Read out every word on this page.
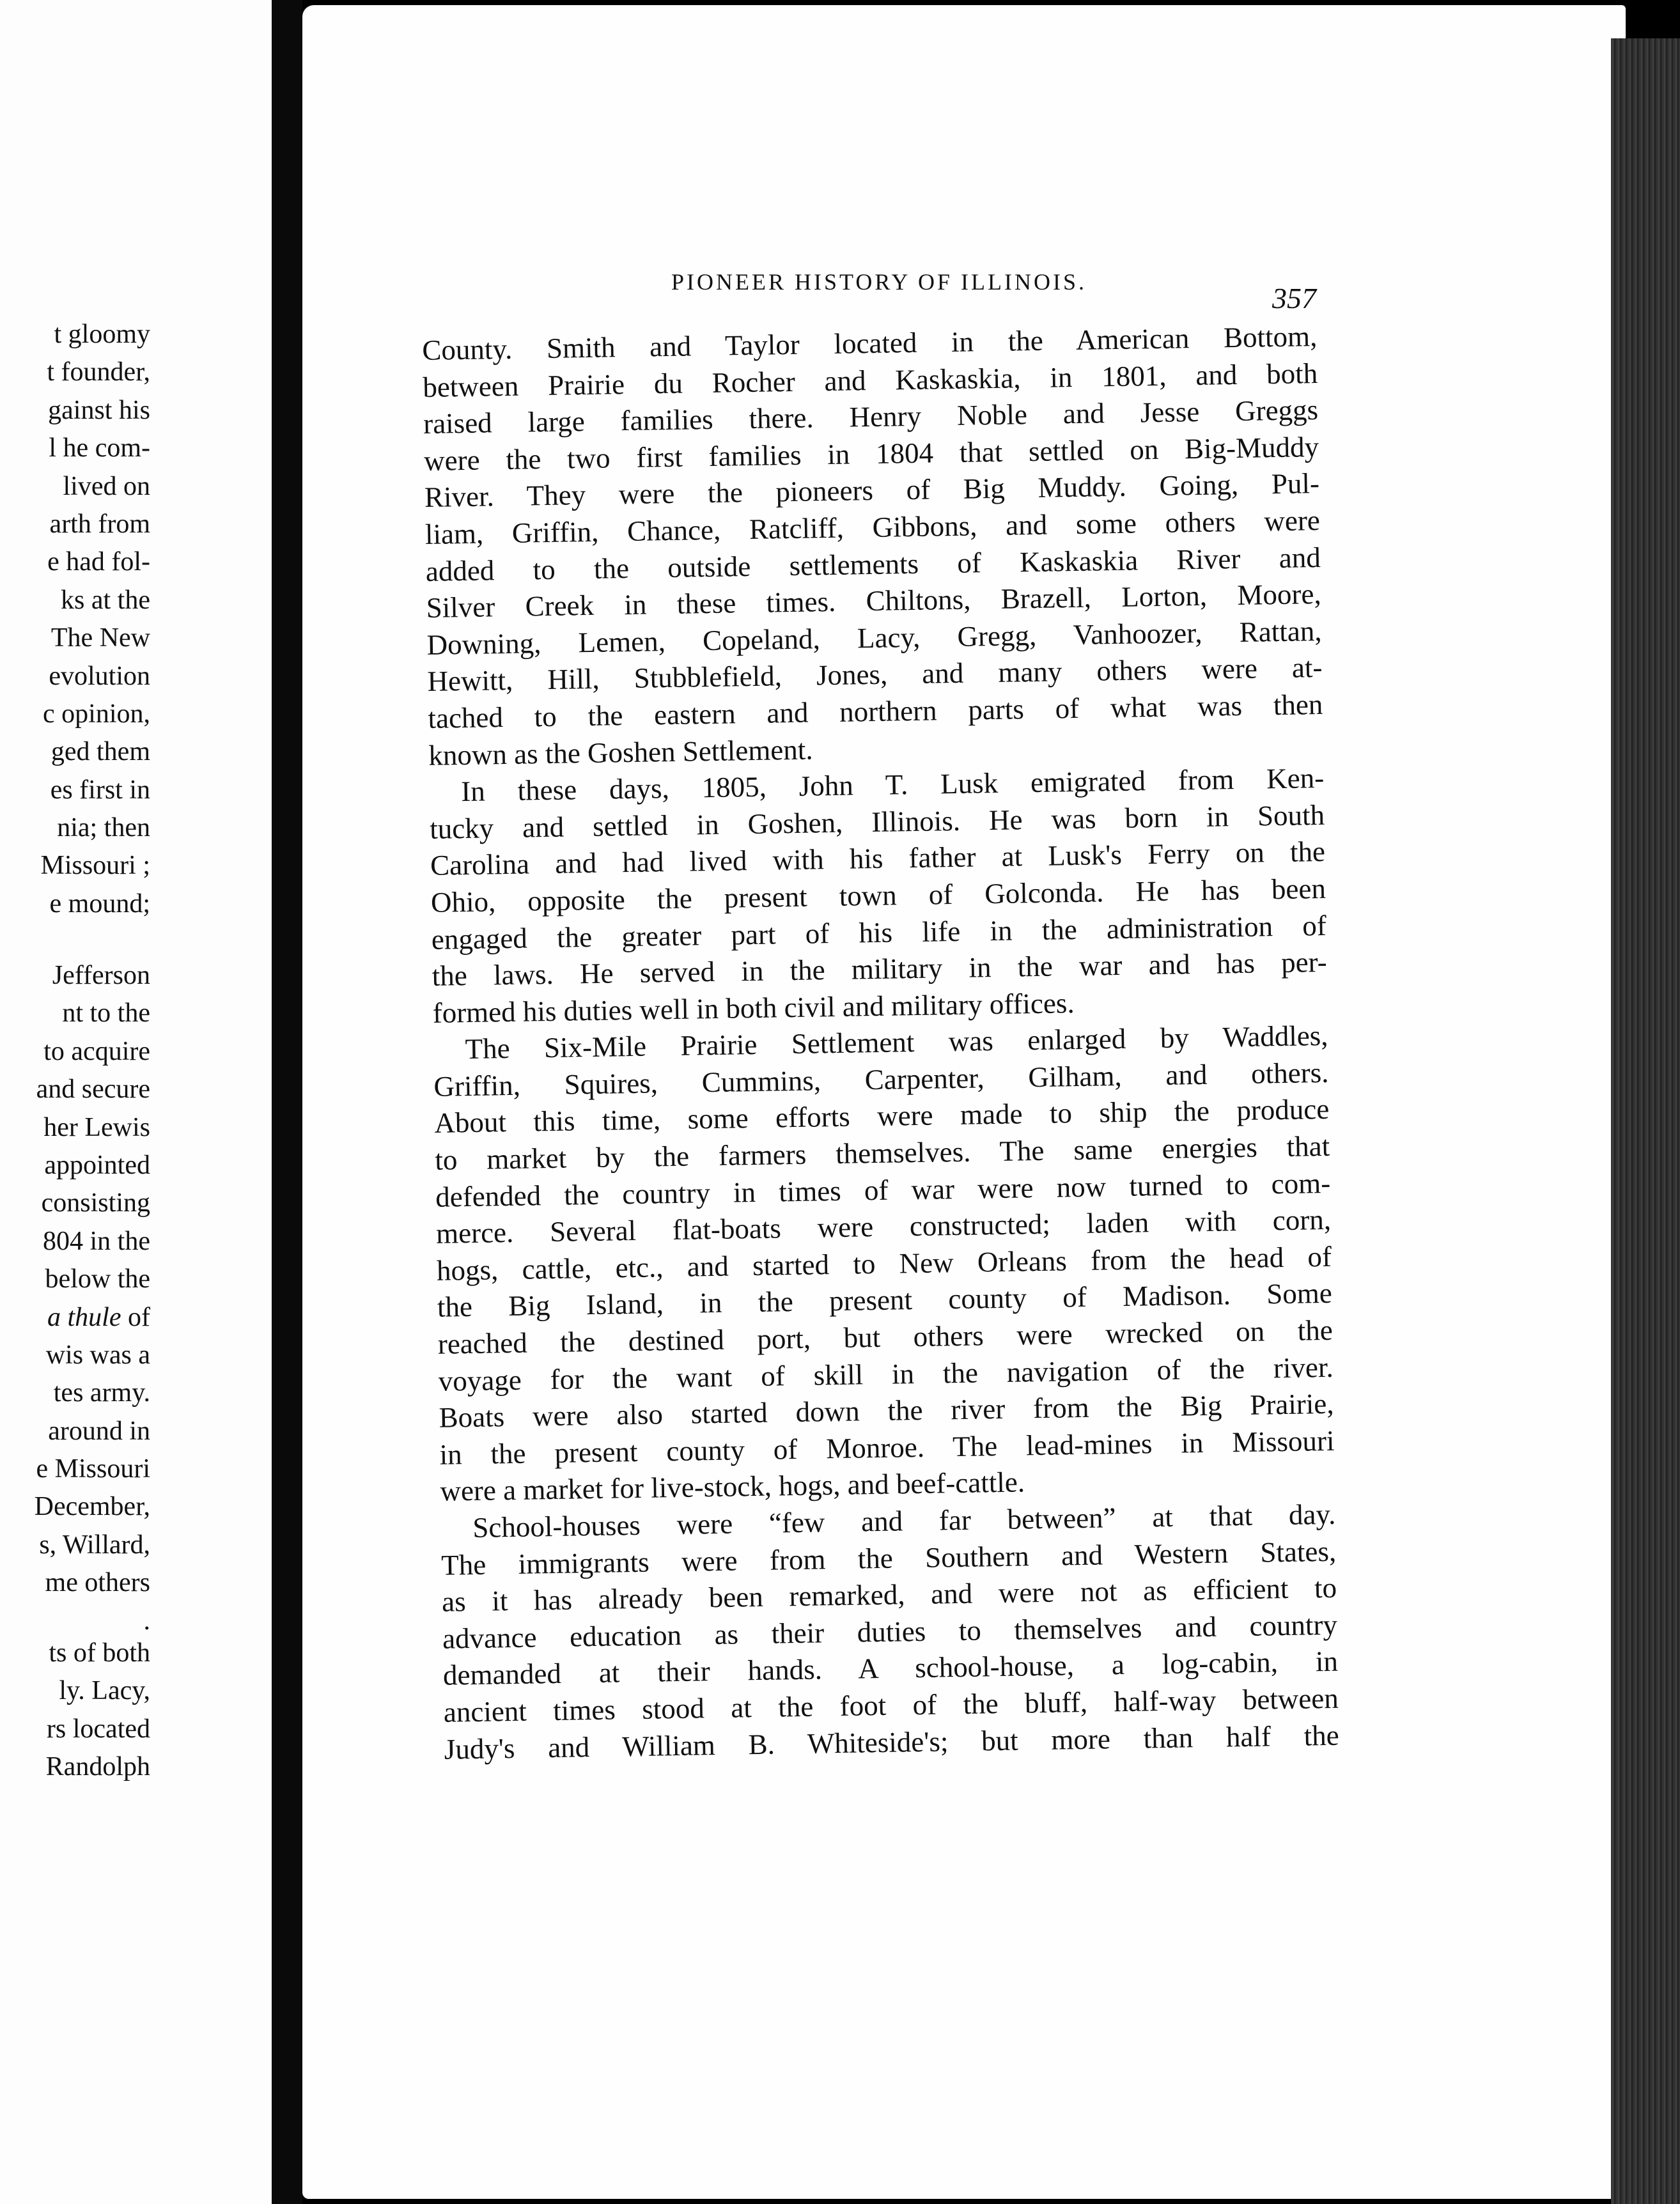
t gloomy
t founder,
gainst his
l he com-
lived on
arth from
e had fol-
ks at the
The New
evolution
c opinion,
ged them
es first in
nia; then
Missouri ;
e mound;
Jefferson
nt to the
to acquire
and secure
her Lewis
appointed
consisting
804 in the
below the
a thule of
wis was a
tes army.
around in
e Missouri
December,
s, Willard,
me others
.
ts of both
ly. Lacy,
rs located
Randolph
PIONEER HISTORY OF ILLINOIS.	357
County. Smith and Taylor located in the American Bottom,
between Prairie du Rocher and Kaskaskia, in 1801, and both
raised large families there. Henry Noble and Jesse Greggs
were the two first families in 1804 that settled on Big-Muddy
River. They were the pioneers of Big Muddy. Going, Pul-
liam, Griffin, Chance, Ratcliff, Gibbons, and some others were
added to the outside settlements of Kaskaskia River and
Silver Creek in these times. Chiltons, Brazell, Lorton, Moore,
Downing, Lemen, Copeland, Lacy, Gregg, Vanhoozer, Rattan,
Hewitt, Hill, Stubblefield, Jones, and many others were at-
tached to the eastern and northern parts of what was then
known as the Goshen Settlement.
In these days, 1805, John T. Lusk emigrated from Ken-
tucky and settled in Goshen, Illinois. He was born in South
Carolina and had lived with his father at Lusk's Ferry on the
Ohio, opposite the present town of Golconda. He has been
engaged the greater part of his life in the administration of
the laws. He served in the military in the war and has per-
formed his duties well in both civil and military offices.
The Six-Mile Prairie Settlement was enlarged by Waddles,
Griffin, Squires, Cummins, Carpenter, Gilham, and others.
About this time, some efforts were made to ship the produce
to market by the farmers themselves. The same energies that
defended the country in times of war were now turned to com-
merce. Several flat-boats were constructed; laden with corn,
hogs, cattle, etc., and started to New Orleans from the head of
the Big Island, in the present county of Madison. Some
reached the destined port, but others were wrecked on the
voyage for the want of skill in the navigation of the river.
Boats were also started down the river from the Big Prairie,
in the present county of Monroe. The lead-mines in Missouri
were a market for live-stock, hogs, and beef-cattle.
School-houses were “few and far between” at that day.
The immigrants were from the Southern and Western States,
as it has already been remarked, and were not as efficient to
advance education as their duties to themselves and country
demanded at their hands. A school-house, a log-cabin, in
ancient times stood at the foot of the bluff, half-way between
Judy's and William B. Whiteside's; but more than half the
